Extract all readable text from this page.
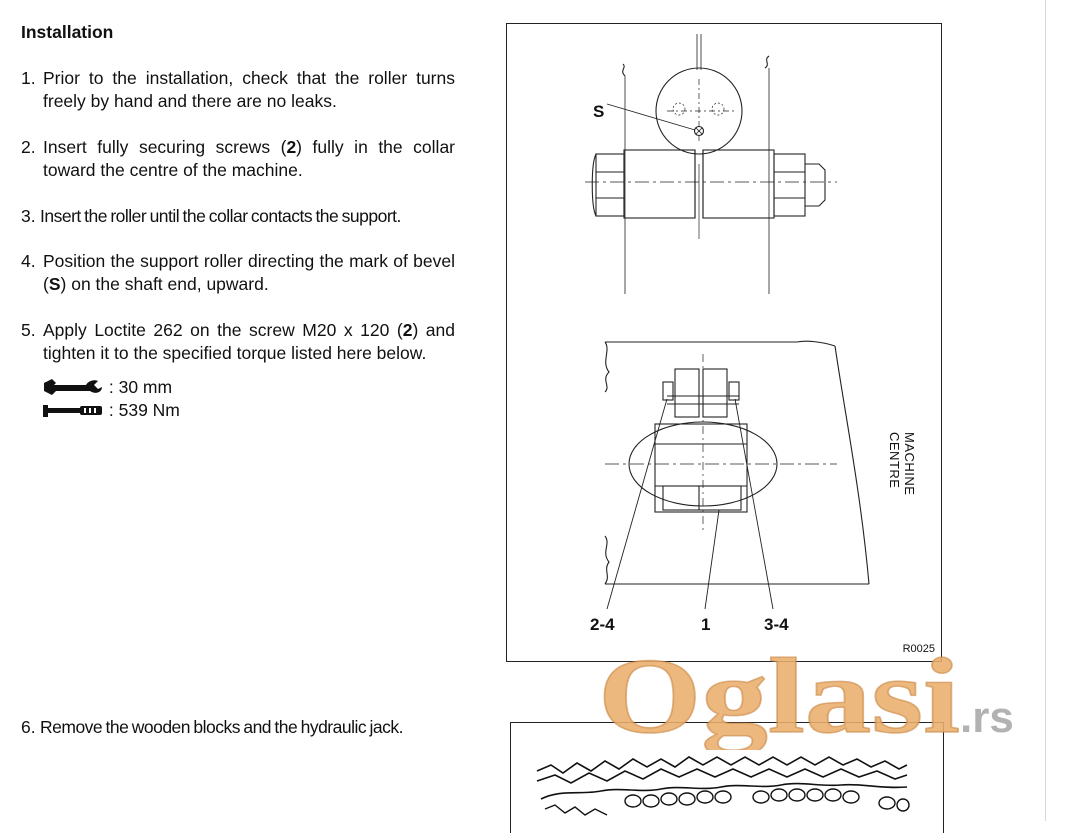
Installation
1. Prior to the installation, check that the roller turns freely by hand and there are no leaks.
2. Insert fully securing screws (2) fully in the collar toward the centre of the machine.
3. Insert the roller until the collar contacts the support.
4. Position the support roller directing the mark of bevel (S) on the shaft end, upward.
5. Apply Loctite 262 on the screw M20 x 120 (2) and tighten it to the specified torque listed here below.
: 30 mm
: 539 Nm
6. Remove the wooden blocks and the hydraulic jack.
S
MACHINE
CENTRE
2-4	1	3-4
R0025
Oglasi .rs
